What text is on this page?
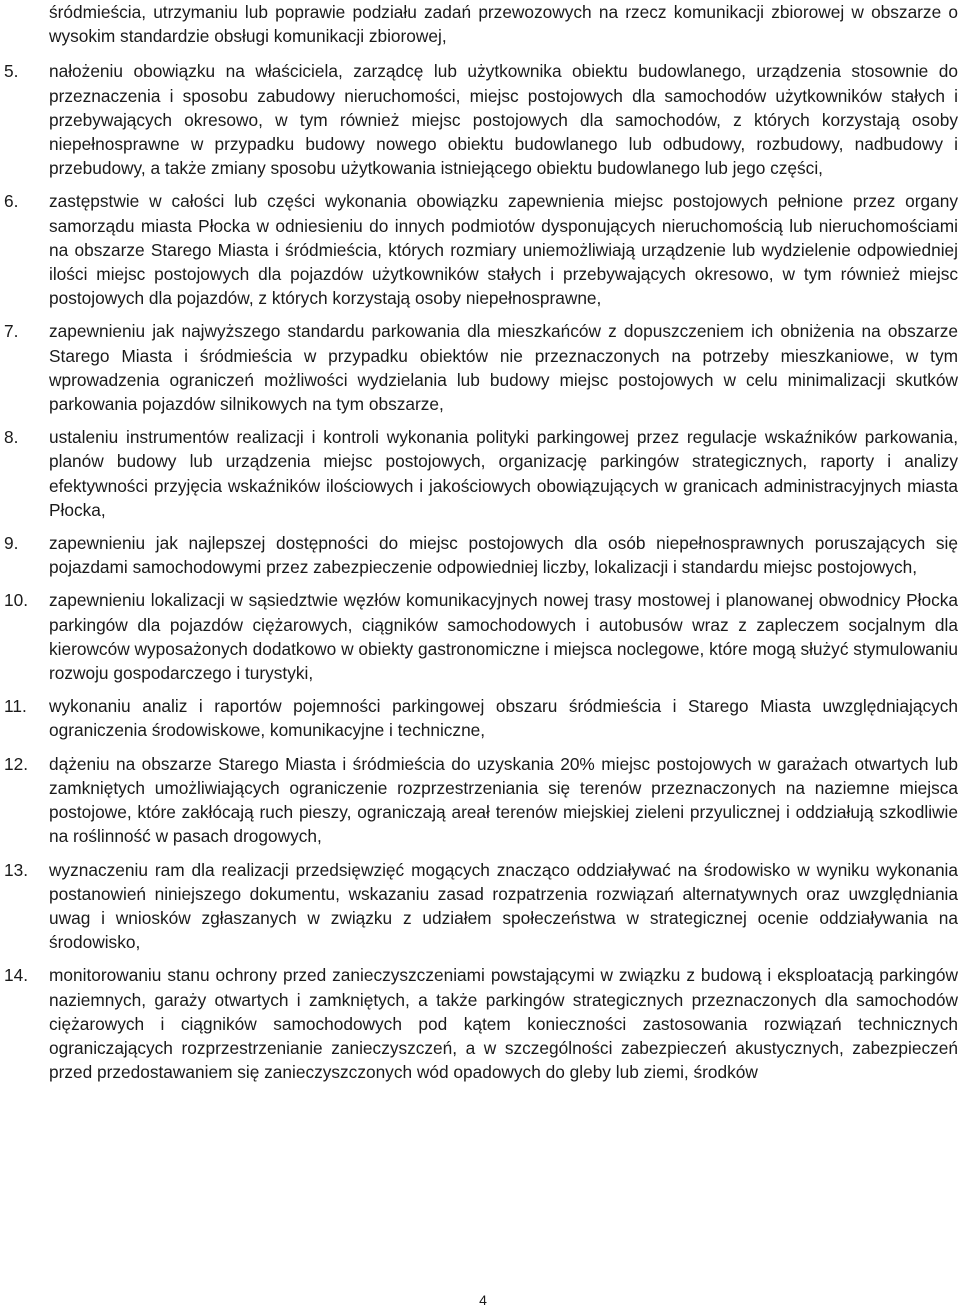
śródmieścia, utrzymaniu lub poprawie podziału zadań przewozowych na rzecz komunikacji zbiorowej w obszarze o wysokim standardzie obsługi komunikacji zbiorowej,
5. nałożeniu obowiązku na właściciela, zarządcę lub użytkownika obiektu budowlanego, urządzenia stosownie do przeznaczenia i sposobu zabudowy nieruchomości, miejsc postojowych dla samochodów użytkowników stałych i przebywających okresowo, w tym również miejsc postojowych dla samochodów, z których korzystają osoby niepełnosprawne w przypadku budowy nowego obiektu budowlanego lub odbudowy, rozbudowy, nadbudowy i przebudowy, a także zmiany sposobu użytkowania istniejącego obiektu budowlanego lub jego części,
6. zastępstwie w całości lub części wykonania obowiązku zapewnienia miejsc postojowych pełnione przez organy samorządu miasta Płocka w odniesieniu do innych podmiotów dysponujących nieruchomością lub nieruchomościami na obszarze Starego Miasta i śródmieścia, których rozmiary uniemożliwiają urządzenie lub wydzielenie odpowiedniej ilości miejsc postojowych dla pojazdów użytkowników stałych i przebywających okresowo, w tym również miejsc postojowych dla pojazdów, z których korzystają osoby niepełnosprawne,
7. zapewnieniu jak najwyższego standardu parkowania dla mieszkańców z dopuszczeniem ich obniżenia na obszarze Starego Miasta i śródmieścia w przypadku obiektów nie przeznaczonych na potrzeby mieszkaniowe, w tym wprowadzenia ograniczeń możliwości wydzielania lub budowy miejsc postojowych w celu minimalizacji skutków parkowania pojazdów silnikowych na tym obszarze,
8. ustaleniu instrumentów realizacji i kontroli wykonania polityki parkingowej przez regulacje wskaźników parkowania, planów budowy lub urządzenia miejsc postojowych, organizację parkingów strategicznych, raporty i analizy efektywności przyjęcia wskaźników ilościowych i jakościowych obowiązujących w granicach administracyjnych miasta Płocka,
9. zapewnieniu jak najlepszej dostępności do miejsc postojowych dla osób niepełnosprawnych poruszających się pojazdami samochodowymi przez zabezpieczenie odpowiedniej liczby, lokalizacji i standardu miejsc postojowych,
10. zapewnieniu lokalizacji w sąsiedztwie węzłów komunikacyjnych nowej trasy mostowej i planowanej obwodnicy Płocka parkingów dla pojazdów ciężarowych, ciągników samochodowych i autobusów wraz z zapleczem socjalnym dla kierowców wyposażonych dodatkowo w obiekty gastronomiczne i miejsca noclegowe, które mogą służyć stymulowaniu rozwoju gospodarczego i turystyki,
11. wykonaniu analiz i raportów pojemności parkingowej obszaru śródmieścia i Starego Miasta uwzględniających ograniczenia środowiskowe, komunikacyjne i techniczne,
12. dążeniu na obszarze Starego Miasta i śródmieścia do uzyskania 20% miejsc postojowych w garażach otwartych lub zamkniętych umożliwiających ograniczenie rozprzestrzeniania się terenów przeznaczonych na naziemne miejsca postojowe, które zakłócają ruch pieszy, ograniczają areał terenów miejskiej zieleni przyulicznej i oddziałują szkodliwie na roślinność w pasach drogowych,
13. wyznaczeniu ram dla realizacji przedsięwzięć mogących znacząco oddziaływać na środowisko w wyniku wykonania postanowień niniejszego dokumentu, wskazaniu zasad rozpatrzenia rozwiązań alternatywnych oraz uwzględniania uwag i wniosków zgłaszanych w związku z udziałem społeczeństwa w strategicznej ocenie oddziaływania na środowisko,
14. monitorowaniu stanu ochrony przed zanieczyszczeniami powstającymi w związku z budową i eksploatacją parkingów naziemnych, garaży otwartych i zamkniętych, a także parkingów strategicznych przeznaczonych dla samochodów ciężarowych i ciągników samochodowych pod kątem konieczności zastosowania rozwiązań technicznych ograniczających rozprzestrzenianie zanieczyszczeń, a w szczególności zabezpieczeń akustycznych, zabezpieczeń przed przedostawaniem się zanieczyszczonych wód opadowych do gleby lub ziemi, środków
4
